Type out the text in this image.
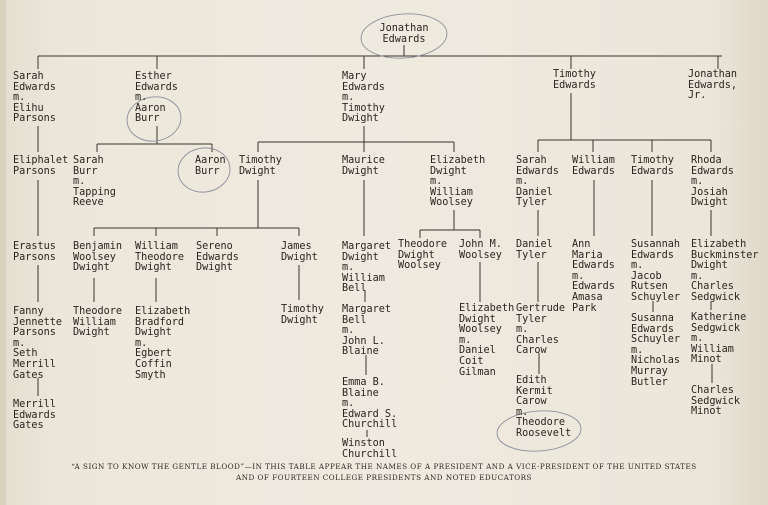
Jonathan
Edwards
Sarah
Edwards
m.
Elihu
Parsons
Esther
Edwards
m.
Aaron
Burr
Mary
Edwards
m.
Timothy
Dwight
Timothy
Edwards
Jonathan
Edwards,
Jr.
Eliphalet
Parsons
Sarah
Burr
m.
Tapping
Reeve
Aaron
Burr
Timothy
Dwight
Maurice
Dwight
Elizabeth
Dwight
m.
William
Woolsey
Sarah
Edwards
m.
Daniel
Tyler
William
Edwards
Timothy
Edwards
Rhoda
Edwards
m.
Josiah
Dwight
Erastus
Parsons
Benjamin
Woolsey
Dwight
William
Theodore
Dwight
Sereno
Edwards
Dwight
James
Dwight
Margaret
Dwight
m.
William
Bell
Theodore
Dwight
Woolsey
John M.
Woolsey
Daniel
Tyler
Ann
Maria
Edwards
m.
Edwards
Amasa
Park
Susannah
Edwards
m.
Jacob
Rutsen
Schuyler
Elizabeth
Buckminster
Dwight
m.
Charles
Sedgwick
Fanny
Jennette
Parsons
m.
Seth
Merrill
Gates
Theodore
William
Dwight
Elizabeth
Bradford
Dwight
m.
Egbert
Coffin
Smyth
Timothy
Dwight
Margaret
Bell
m.
John L.
Blaine
Elizabeth
Dwight
Woolsey
m.
Daniel
Coit
Gilman
Gertrude
Tyler
m.
Charles
Carow
Susanna
Edwards
Schuyler
m.
Nicholas
Murray
Butler
Katherine
Sedgwick
m.
William
Minot
Merrill
Edwards
Gates
Emma B.
Blaine
m.
Edward S.
Churchill
Edith
Kermit
Carow
m.
Theodore
Roosevelt
Charles
Sedgwick
Minot
Winston
Churchill
“A SIGN TO KNOW THE GENTLE BLOOD”—IN THIS TABLE APPEAR THE NAMES OF A PRESIDENT AND A VICE-PRESIDENT OF THE UNITED STATES
AND OF FOURTEEN COLLEGE PRESIDENTS AND NOTED EDUCATORS
